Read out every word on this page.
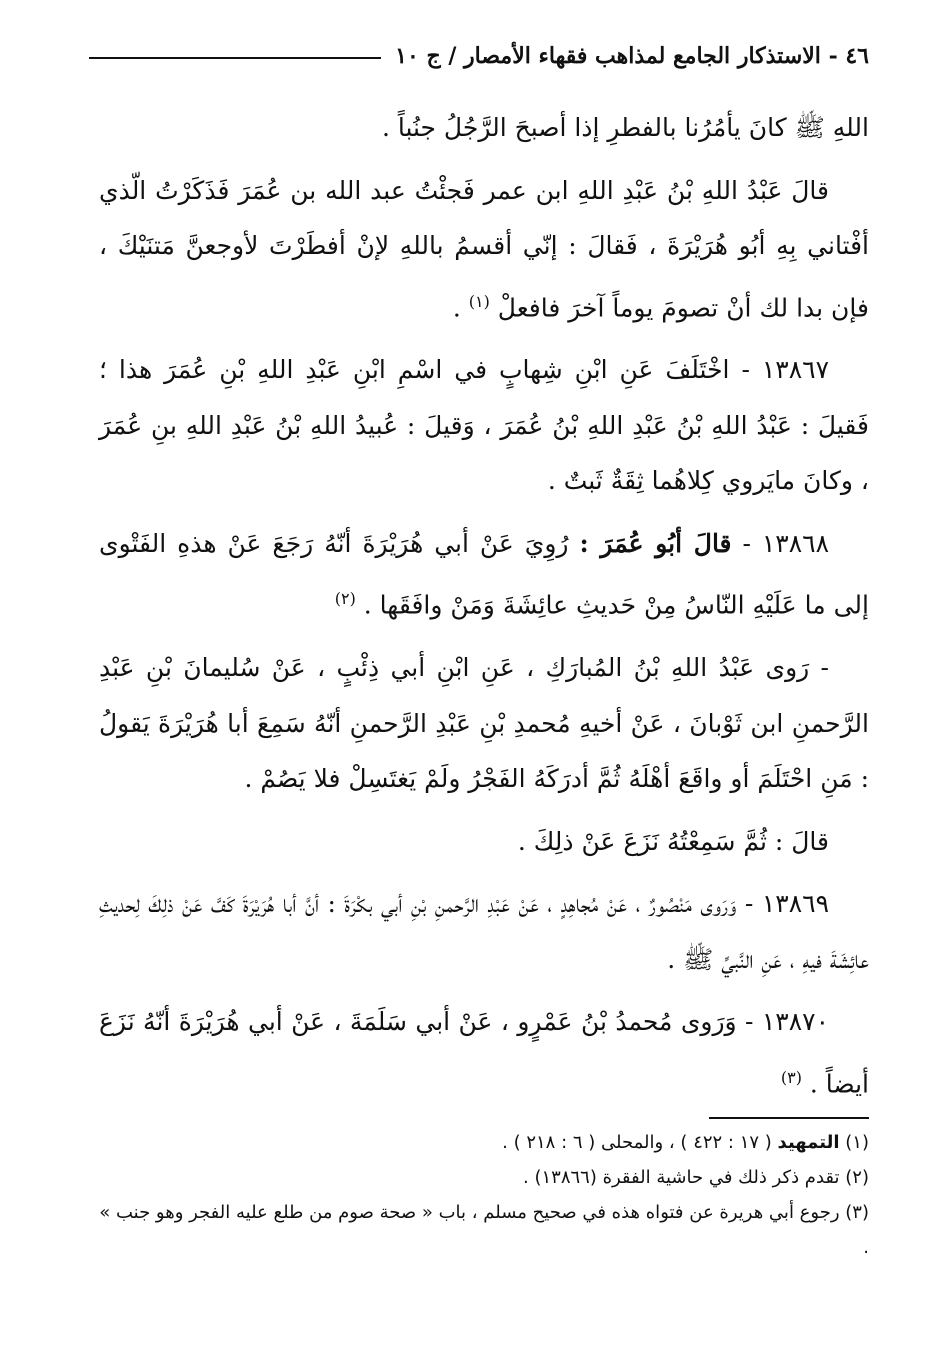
٤٦ - الاستذكار الجامع لمذاهب فقهاء الأمصار / ج ١٠

اللهِ ﷺ كانَ يأمُرُنا بالفطرِ إذا أصبحَ الرَّجُلُ جنُباً .

قالَ عَبْدُ اللهِ بْنُ عَبْدِ اللهِ ابن عمر فَجئْتُ عبد الله بن عُمَرَ فَذَكَرْتُ الّذي أفْتاني بِهِ أبُو هُرَيْرَةَ ، فَقالَ : إنّي أقسمُ باللهِ لإنْ أفطَرْتَ لأوجعنَّ مَتنَيْكَ ، فإن بدا لك أنْ تصومَ يوماً آخرَ فافعلْ $^{(١)}$ .

١٣٨٦٧ - اخْتَلَفَ عَنِ ابْنِ شِهابٍ في اسْمِ ابْنِ عَبْدِ اللهِ بْنِ عُمَرَ هذا ؛ فَقيلَ : عَبْدُ اللهِ بْنُ عَبْدِ اللهِ بْنُ عُمَرَ ، وَقيلَ : عُبيدُ اللهِ بْنُ عَبْدِ اللهِ بنِ عُمَرَ ، وكانَ مايَروي كِلاهُما ثِقَةٌ ثَبتٌ .

١٣٨٦٨ - قالَ أبُو عُمَرَ : رُوِيَ عَنْ أبي هُرَيْرَةَ أنّهُ رَجَعَ عَنْ هذهِ الفَتْوى إلى ما عَلَيْهِ النّاسُ مِنْ حَديثِ عائِشَةَ وَمَنْ وافَقَها . $^{(٢)}$

- رَوى عَبْدُ اللهِ بْنُ المُبارَكِ ، عَنِ ابْنِ أبي ذِئْبٍ ، عَنْ سُليمانَ بْنِ عَبْدِ الرَّحمنِ ابن ثَوْبانَ ، عَنْ أخيهِ مُحمدِ بْنِ عَبْدِ الرَّحمنِ أنّهُ سَمِعَ أبا هُرَيْرَةَ يَقولُ : مَنِ احْتَلَمَ أو واقَعَ أهْلَهُ ثُمَّ أدرَكَهُ الفَجْرُ ولَمْ يَغتَسِلْ فلا يَصُمْ .

قالَ : ثُمَّ سَمِعْتُهُ نَزَعَ عَنْ ذلِكَ .

١٣٨٦٩ - وَرَوى مَنْصُورٌ ، عَنْ مُجاهِدٍ ، عَنْ عَبْدِ الرَّحمنِ بْنِ أبي بكْرَةَ : أنَّ أبا هُرَيْرَةَ كَفَّ عَنْ ذلِكَ لِحديثِ عائِشَةَ فيهِ ، عَنِ النَّبيِّ ﷺ .

١٣٨٧٠ - وَرَوى مُحمدُ بْنُ عَمْرٍو ، عَنْ أبي سَلَمَةَ ، عَنْ أبي هُرَيْرَةَ أنّهُ نَزَعَ أيضاً . $^{(٣)}$

(١) التمهيد ( ١٧ : ٤٢٢ ) ، والمحلى ( ٦ : ٢١٨ ) .

(٢) تقدم ذكر ذلك في حاشية الفقرة (١٣٨٦٦) .

(٣) رجوع أبي هريرة عن فتواه هذه في صحيح مسلم ، باب « صحة صوم من طلع عليه الفجر وهو جنب » .
